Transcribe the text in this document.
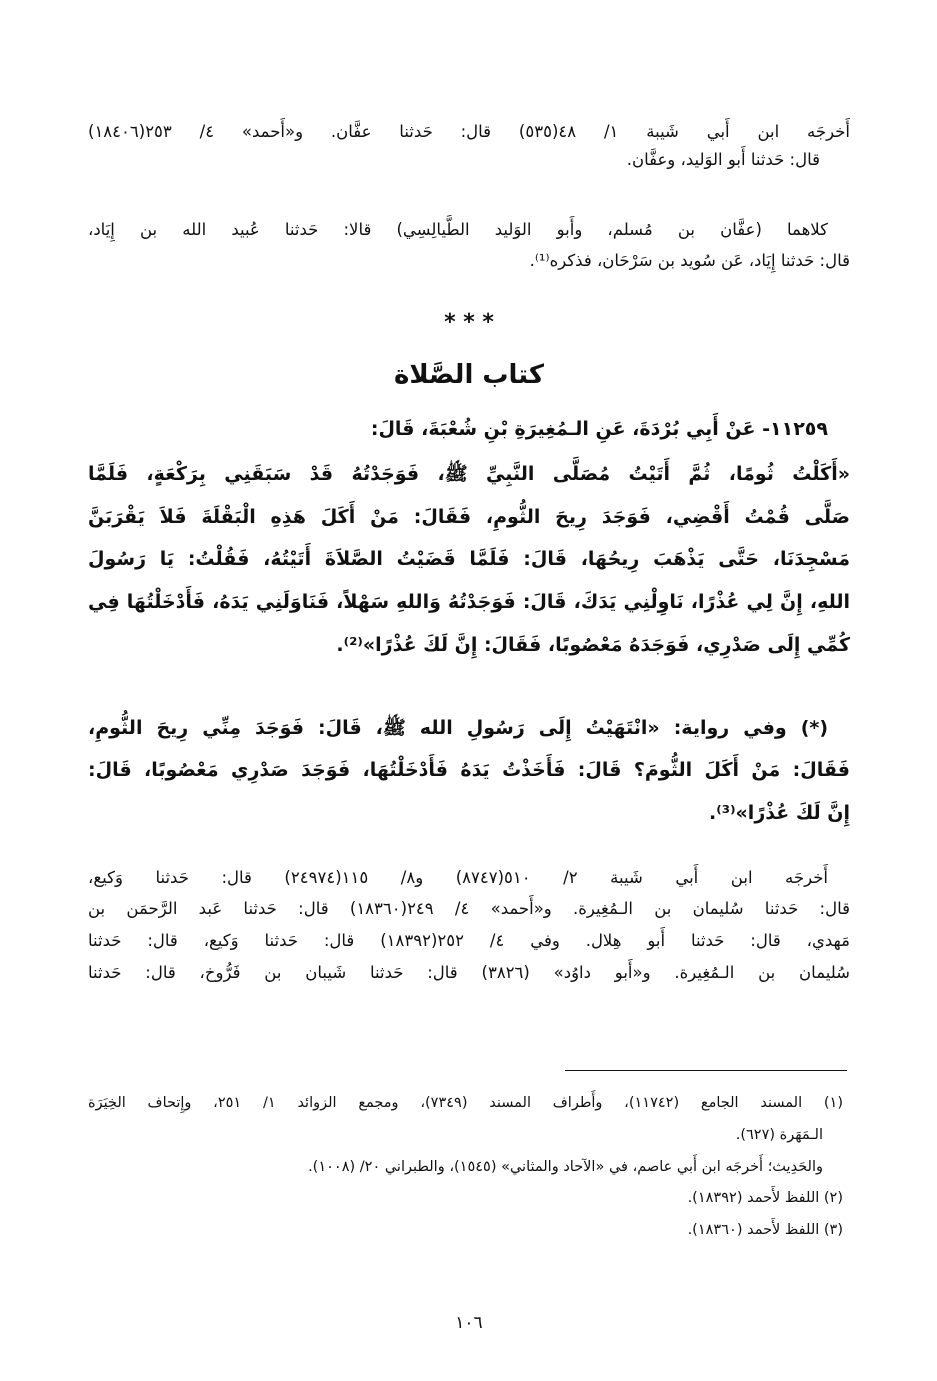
أَخرجَه ابن أَبي شَيبة ١/ ٤٨(٥٣٥) قال: حَدثنا عفَّان. و«أَحمد» ٤/ ٢٥٣(١٨٤٠٦)
قال: حَدثنا أَبو الوَليد، وعفَّان.
كلاهما (عفَّان بن مُسلم، وأَبو الوَليد الطَّيالِسِي) قالا: حَدثنا عُبيد الله بن إِيَاد،
قال: حَدثنا إِيَاد، عَن سُويد بن سَرْحَان، فذكره⁽¹⁾.
* * *
كتاب الصَّلاة
١١٢٥٩- عَنْ أَبِي بُرْدَةَ، عَنِ الـمُغِيرَةِ بْنِ شُعْبَةَ، قَالَ:
«أَكَلْتُ ثُومًا، ثُمَّ أَتَيْتُ مُصَلَّى النَّبِيِّ ﷺ، فَوَجَدْتُهُ قَدْ سَبَقَنِي بِرَكْعَةٍ، فَلَمَّا
صَلَّى قُمْتُ أَقْضِي، فَوَجَدَ رِيحَ الثُّومِ، فَقَالَ: مَنْ أَكَلَ هَذِهِ الْبَقْلَةَ فَلاَ يَقْرَبَنَّ
مَسْجِدَنَا، حَتَّى يَذْهَبَ رِيحُهَا، قَالَ: فَلَمَّا قَضَيْتُ الصَّلاَةَ أَتَيْتُهُ، فَقُلْتُ: يَا رَسُولَ
اللهِ، إِنَّ لِي عُذْرًا، نَاوِلْنِي يَدَكَ، قَالَ: فَوَجَدْتُهُ وَاللهِ سَهْلاً، فَنَاوَلَنِي يَدَهُ، فَأَدْخَلْتُهَا فِي
كُمِّي إِلَى صَدْرِي، فَوَجَدَهُ مَعْصُوبًا، فَقَالَ: إِنَّ لَكَ عُذْرًا»⁽²⁾.
(*) وفي رواية: «انْتَهَيْتُ إِلَى رَسُولِ الله ﷺ، قَالَ: فَوَجَدَ مِنِّي رِيحَ الثُّومِ،
فَقَالَ: مَنْ أَكَلَ الثُّومَ؟ قَالَ: فَأَخَذْتُ يَدَهُ فَأَدْخَلْتُهَا، فَوَجَدَ صَدْرِي مَعْصُوبًا، قَالَ:
إِنَّ لَكَ عُذْرًا»⁽³⁾.
أَخرجَه ابن أَبي شَيبة ٢/ ٥١٠(٨٧٤٧) و٨/ ١١٥(٢٤٩٧٤) قال: حَدثنا وَكيع،
قال: حَدثنا سُليمان بن الـمُغِيرة. و«أَحمد» ٤/ ٢٤٩(١٨٣٦٠) قال: حَدثنا عَبد الرَّحمَن بن
مَهدي، قال: حَدثنا أَبو هِلال. وفي ٤/ ٢٥٢(١٨٣٩٢) قال: حَدثنا وَكيع، قال: حَدثنا
سُليمان بن الـمُغِيرة. و«أَبو داوُد» (٣٨٢٦) قال: حَدثنا شَيبان بن فَرُّوخ، قال: حَدثنا
(١) المسند الجامع (١١٧٤٢)، وأَطراف المسند (٧٣٤٩)، ومجمع الزوائد ١/ ٢٥١، وإِتحاف الخِيَرَة
الـمَهَرة (٦٢٧).
والحَدِيث؛ أَخرجَه ابن أَبي عاصم، في «الآحاد والمثاني» (١٥٤٥)، والطبراني ٢٠/ (١٠٠٨).
(٢) اللفظ لأَحمد (١٨٣٩٢).
(٣) اللفظ لأَحمد (١٨٣٦٠).
١٠٦
